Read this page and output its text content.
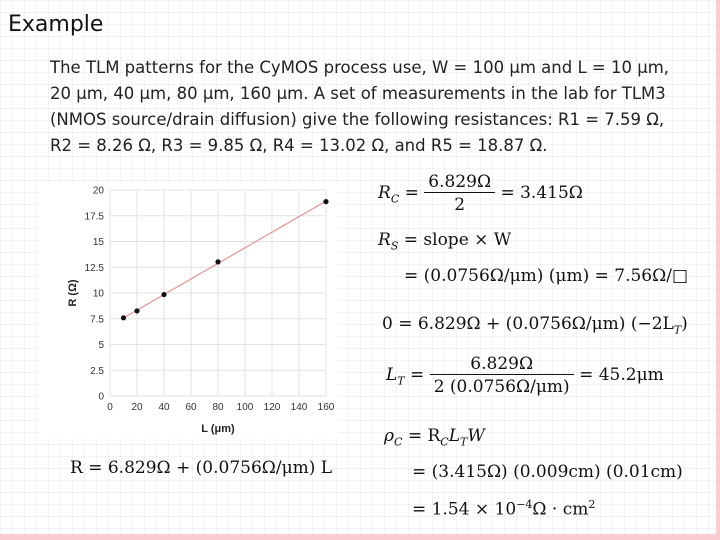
Example
The TLM patterns for the CyMOS process use, W = 100 μm and L = 10 μm, 20 μm, 40 μm, 80 μm, 160 μm. A set of measurements in the lab for TLM3 (NMOS source/drain diffusion) give the following resistances: R1 = 7.59 Ω, R2 = 8.26 Ω, R3 = 9.85 Ω, R4 = 13.02 Ω, and R5 = 18.87 Ω.
0 20 40 60 80 100 120 140 160
0
2.5
5
7.5
10
12.5
15
17.5
20
L (μm)
R (Ω)
R = 6.829Ω + (0.0756Ω/μm) L
$R_C = \frac{6.829\Omega}{2} = 3.415\Omega$
$R_S$ = slope × W
= (0.0756Ω/μm) (μm) = 7.56Ω/□
0 = 6.829Ω + (0.0756Ω/μm) $(-2L_T)$
$L_T = \frac{6.829\Omega}{2 (0.0756\Omega/\mu m)} = 45.2\mu m$
$\rho_C = R_CL_TW$
= (3.415Ω) (0.009cm) (0.01cm)
= $1.54 \times 10^{-4}\Omega \cdot cm^2$
